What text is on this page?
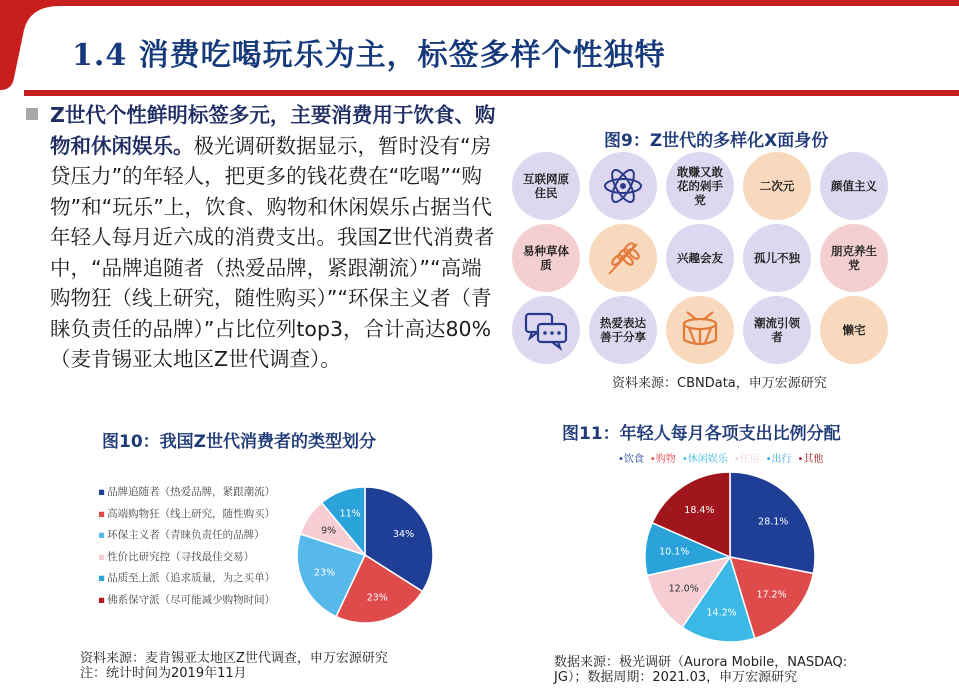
1.4 消费吃喝玩乐为主，标签多样个性独特
Z世代个性鲜明标签多元，主要消费用于饮食、购物和休闲娱乐。极光调研数据显示，暂时没有“房贷压力”的年轻人，把更多的钱花费在“吃喝”“购物”和“玩乐”上，饮食、购物和休闲娱乐占据当代年轻人每月近六成的消费支出。我国Z世代消费者中，“品牌追随者（热爱品牌，紧跟潮流）”“高端购物狂（线上研究，随性购买）”“环保主义者（青睐负责任的品牌）”占比位列top3，合计高达80%（麦肯锡亚太地区Z世代调查）。
图9：Z世代的多样化X面身份
互联网原住民
敢赚又敢花的剁手党
二次元	颜值主义
易种草体质	兴趣会友	孤儿不独	朋克养生党
热爱表达善于分享
潮流引领者	懒宅
资料来源：CBNData，申万宏源研究
图10：我国Z世代消费者的类型划分
▪ 品牌追随者（热爱品牌，紧跟潮流）
▪ 高端购物狂（线上研究，随性购买）
▪ 环保主义者（青睐负责任的品牌）
▪ 性价比研究控（寻找最佳交易）
▪ 品质至上派（追求质量，为之买单）
▪ 佛系保守派（尽可能减少购物时间）
34%
23%
23%
9%
11%
资料来源：麦肯锡亚太地区Z世代调查，申万宏源研究
注：统计时间为2019年11月
图11：年轻人每月各项支出比例分配
•饮食 •购物 •休闲娱乐 •住房 •出行 •其他
28.1%
17.2%
14.2%
12.0%
10.1%
18.4%
数据来源：极光调研（Aurora Mobile，NASDAQ:
JG）；数据周期：2021.03，申万宏源研究
